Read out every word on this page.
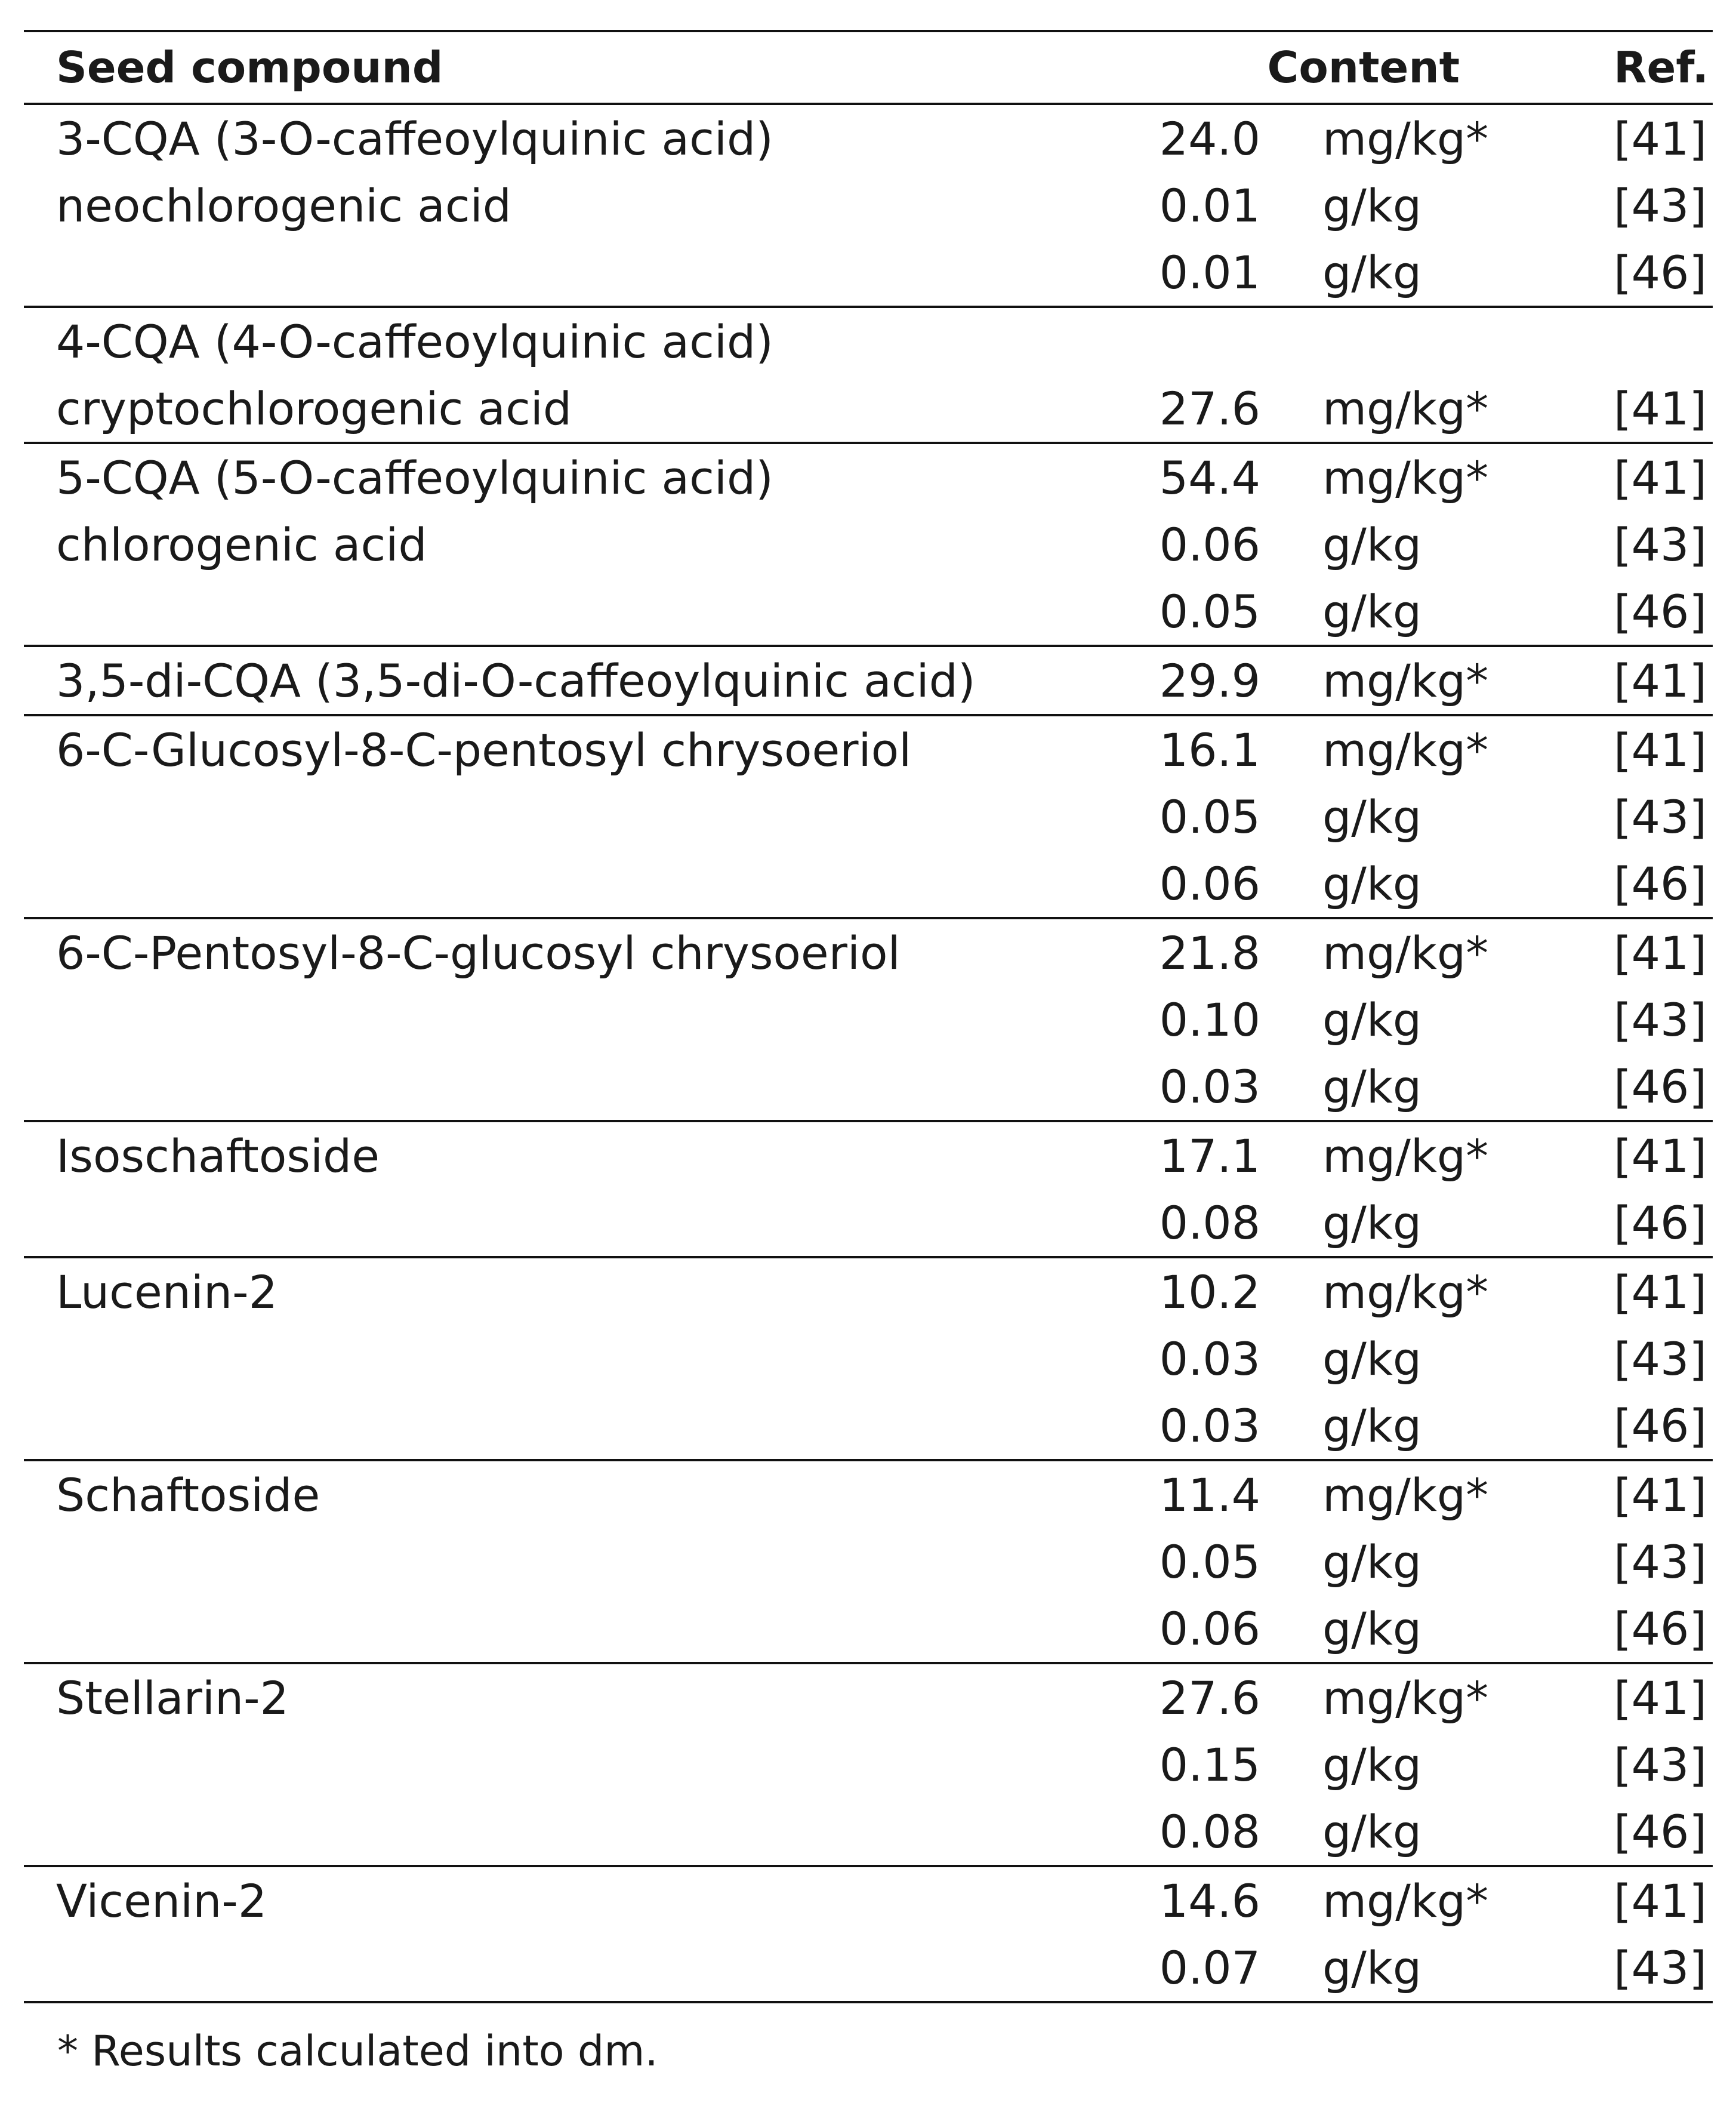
Seed compound	Content		Ref.
3-CQA (3-O-caffeoylquinic acid)	24.0	mg/kg*	[41]
neochlorogenic acid	0.01	g/kg	[43]
	0.01	g/kg	[46]
4-CQA (4-O-caffeoylquinic acid)			
cryptochlorogenic acid	27.6	mg/kg*	[41]
5-CQA (5-O-caffeoylquinic acid)	54.4	mg/kg*	[41]
chlorogenic acid	0.06	g/kg	[43]
	0.05	g/kg	[46]
3,5-di-CQA (3,5-di-O-caffeoylquinic acid)	29.9	mg/kg*	[41]
6-C-Glucosyl-8-C-pentosyl chrysoeriol	16.1	mg/kg*	[41]
	0.05	g/kg	[43]
	0.06	g/kg	[46]
6-C-Pentosyl-8-C-glucosyl chrysoeriol	21.8	mg/kg*	[41]
	0.10	g/kg	[43]
	0.03	g/kg	[46]
Isoschaftoside	17.1	mg/kg*	[41]
	0.08	g/kg	[46]
Lucenin-2	10.2	mg/kg*	[41]
	0.03	g/kg	[43]
	0.03	g/kg	[46]
Schaftoside	11.4	mg/kg*	[41]
	0.05	g/kg	[43]
	0.06	g/kg	[46]
Stellarin-2	27.6	mg/kg*	[41]
	0.15	g/kg	[43]
	0.08	g/kg	[46]
Vicenin-2	14.6	mg/kg*	[41]
	0.07	g/kg	[43]
* Results calculated into dm.
